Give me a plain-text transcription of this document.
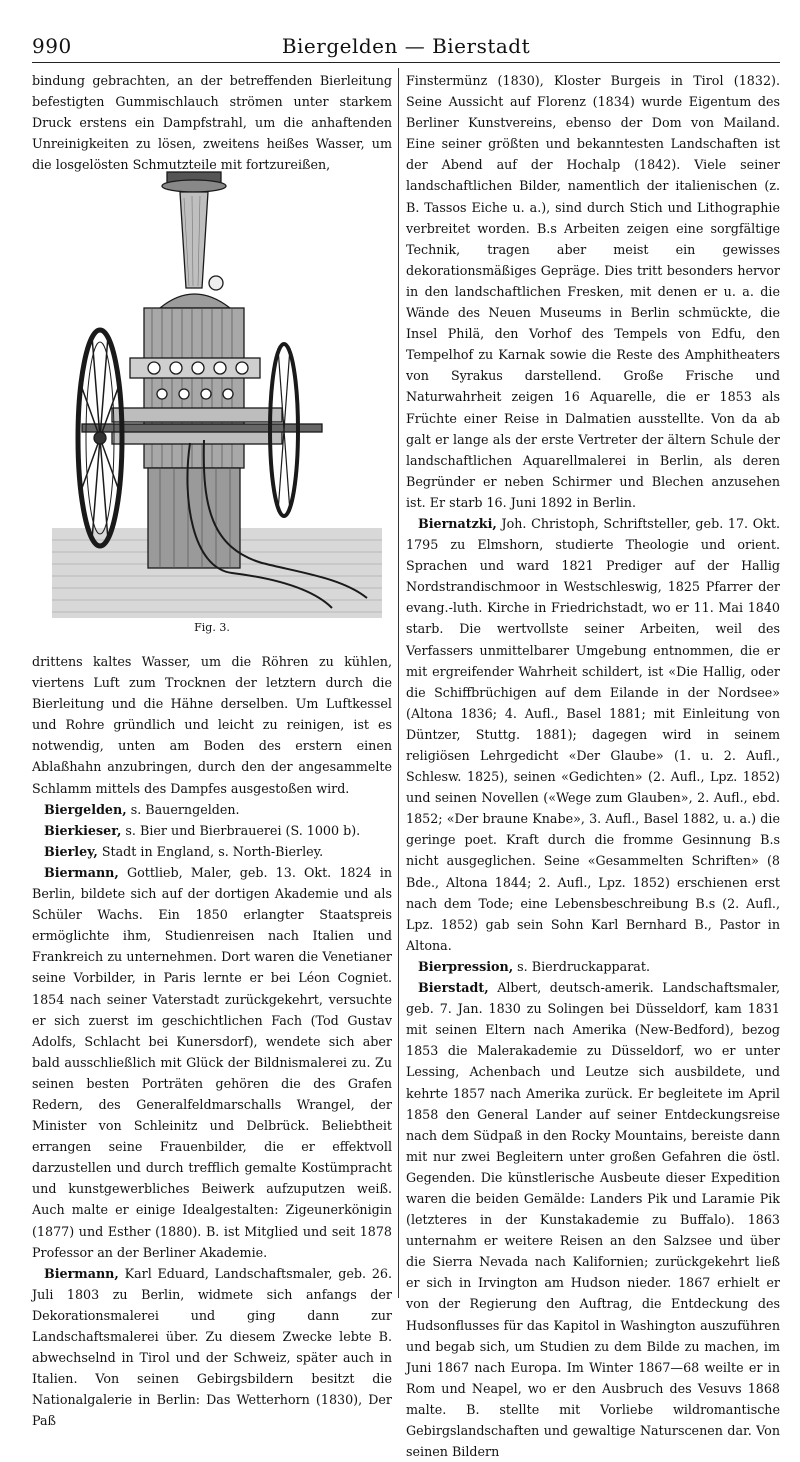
990	Biergelden — Bierstadt

bindung gebrachten, an der betreffenden Bierleitung befestigten Gummischlauch strömen unter starkem Druck erstens ein Dampfstrahl, um die anhaftenden Unreinigkeiten zu lösen, zweitens heißes Wasser, um die losgelösten Schmutzteile mit fortzureißen,

Fig. 3.

drittens kaltes Wasser, um die Röhren zu kühlen, viertens Luft zum Trocknen der letztern durch die Bierleitung und die Hähne derselben. Um Luftkessel und Rohre gründlich und leicht zu reinigen, ist es notwendig, unten am Boden des erstern einen Ablaßhahn anzubringen, durch den der angesammelte Schlamm mittels des Dampfes ausgestoßen wird.

Biergelden, s. Bauerngelden.

Bierkieser, s. Bier und Bierbrauerei (S. 1000 b).

Bierley, Stadt in England, s. North-Bierley.

Biermann, Gottlieb, Maler, geb. 13. Okt. 1824 in Berlin, bildete sich auf der dortigen Akademie und als Schüler Wachs. Ein 1850 erlangter Staatspreis ermöglichte ihm, Studienreisen nach Italien und Frankreich zu unternehmen. Dort waren die Venetianer seine Vorbilder, in Paris lernte er bei Léon Cogniet. 1854 nach seiner Vaterstadt zurückgekehrt, versuchte er sich zuerst im geschichtlichen Fach (Tod Gustav Adolfs, Schlacht bei Kunersdorf), wendete sich aber bald ausschließlich mit Glück der Bildnismalerei zu. Zu seinen besten Porträten gehören die des Grafen Redern, des Generalfeldmarschalls Wrangel, der Minister von Schleinitz und Delbrück. Beliebtheit errangen seine Frauenbilder, die er effektvoll darzustellen und durch trefflich gemalte Kostümpracht und kunstgewerbliches Beiwerk aufzuputzen weiß. Auch malte er einige Idealgestalten: Zigeunerkönigin (1877) und Esther (1880). B. ist Mitglied und seit 1878 Professor an der Berliner Akademie.

Biermann, Karl Eduard, Landschaftsmaler, geb. 26. Juli 1803 zu Berlin, widmete sich anfangs der Dekorationsmalerei und ging dann zur Landschaftsmalerei über. Zu diesem Zwecke lebte B. abwechselnd in Tirol und der Schweiz, später auch in Italien. Von seinen Gebirgsbildern besitzt die Nationalgalerie in Berlin: Das Wetterhorn (1830), Der Paß

Finstermünz (1830), Kloster Burgeis in Tirol (1832). Seine Aussicht auf Florenz (1834) wurde Eigentum des Berliner Kunstvereins, ebenso der Dom von Mailand. Eine seiner größten und bekanntesten Landschaften ist der Abend auf der Hochalp (1842). Viele seiner landschaftlichen Bilder, namentlich der italienischen (z. B. Tassos Eiche u. a.), sind durch Stich und Lithographie verbreitet worden. B.s Arbeiten zeigen eine sorgfältige Technik, tragen aber meist ein gewisses dekorationsmäßiges Gepräge. Dies tritt besonders hervor in den landschaftlichen Fresken, mit denen er u. a. die Wände des Neuen Museums in Berlin schmückte, die Insel Philä, den Vorhof des Tempels von Edfu, den Tempelhof zu Karnak sowie die Reste des Amphitheaters von Syrakus darstellend. Große Frische und Naturwahrheit zeigen 16 Aquarelle, die er 1853 als Früchte einer Reise in Dalmatien ausstellte. Von da ab galt er lange als der erste Vertreter der ältern Schule der landschaftlichen Aquarellmalerei in Berlin, als deren Begründer er neben Schirmer und Blechen anzusehen ist. Er starb 16. Juni 1892 in Berlin.

Biernatzki, Joh. Christoph, Schriftsteller, geb. 17. Okt. 1795 zu Elmshorn, studierte Theologie und orient. Sprachen und ward 1821 Prediger auf der Hallig Nordstrandischmoor in Westschleswig, 1825 Pfarrer der evang.-luth. Kirche in Friedrichstadt, wo er 11. Mai 1840 starb. Die wertvollste seiner Arbeiten, weil des Verfassers unmittelbarer Umgebung entnommen, die er mit ergreifender Wahrheit schildert, ist «Die Hallig, oder die Schiffbrüchigen auf dem Eilande in der Nordsee» (Altona 1836; 4. Aufl., Basel 1881; mit Einleitung von Düntzer, Stuttg. 1881); dagegen wird in seinem religiösen Lehrgedicht «Der Glaube» (1. u. 2. Aufl., Schlesw. 1825), seinen «Gedichten» (2. Aufl., Lpz. 1852) und seinen Novellen («Wege zum Glauben», 2. Aufl., ebd. 1852; «Der braune Knabe», 3. Aufl., Basel 1882, u. a.) die geringe poet. Kraft durch die fromme Gesinnung B.s nicht ausgeglichen. Seine «Gesammelten Schriften» (8 Bde., Altona 1844; 2. Aufl., Lpz. 1852) erschienen erst nach dem Tode; eine Lebensbeschreibung B.s (2. Aufl., Lpz. 1852) gab sein Sohn Karl Bernhard B., Pastor in Altona.

Bierpression, s. Bierdruckapparat.

Bierstadt, Albert, deutsch-amerik. Landschaftsmaler, geb. 7. Jan. 1830 zu Solingen bei Düsseldorf, kam 1831 mit seinen Eltern nach Amerika (New-Bedford), bezog 1853 die Malerakademie zu Düsseldorf, wo er unter Lessing, Achenbach und Leutze sich ausbildete, und kehrte 1857 nach Amerika zurück. Er begleitete im April 1858 den General Lander auf seiner Entdeckungsreise nach dem Südpaß in den Rocky Mountains, bereiste dann mit nur zwei Begleitern unter großen Gefahren die östl. Gegenden. Die künstlerische Ausbeute dieser Expedition waren die beiden Gemälde: Landers Pik und Laramie Pik (letzteres in der Kunstakademie zu Buffalo). 1863 unternahm er weitere Reisen an den Salzsee und über die Sierra Nevada nach Kalifornien; zurückgekehrt ließ er sich in Irvington am Hudson nieder. 1867 erhielt er von der Regierung den Auftrag, die Entdeckung des Hudsonflusses für das Kapitol in Washington auszuführen und begab sich, um Studien zu dem Bilde zu machen, im Juni 1867 nach Europa. Im Winter 1867—68 weilte er in Rom und Neapel, wo er den Ausbruch des Vesuvs 1868 malte. B. stellte mit Vorliebe wildromantische Gebirgslandschaften und gewaltige Naturscenen dar. Von seinen Bildern
